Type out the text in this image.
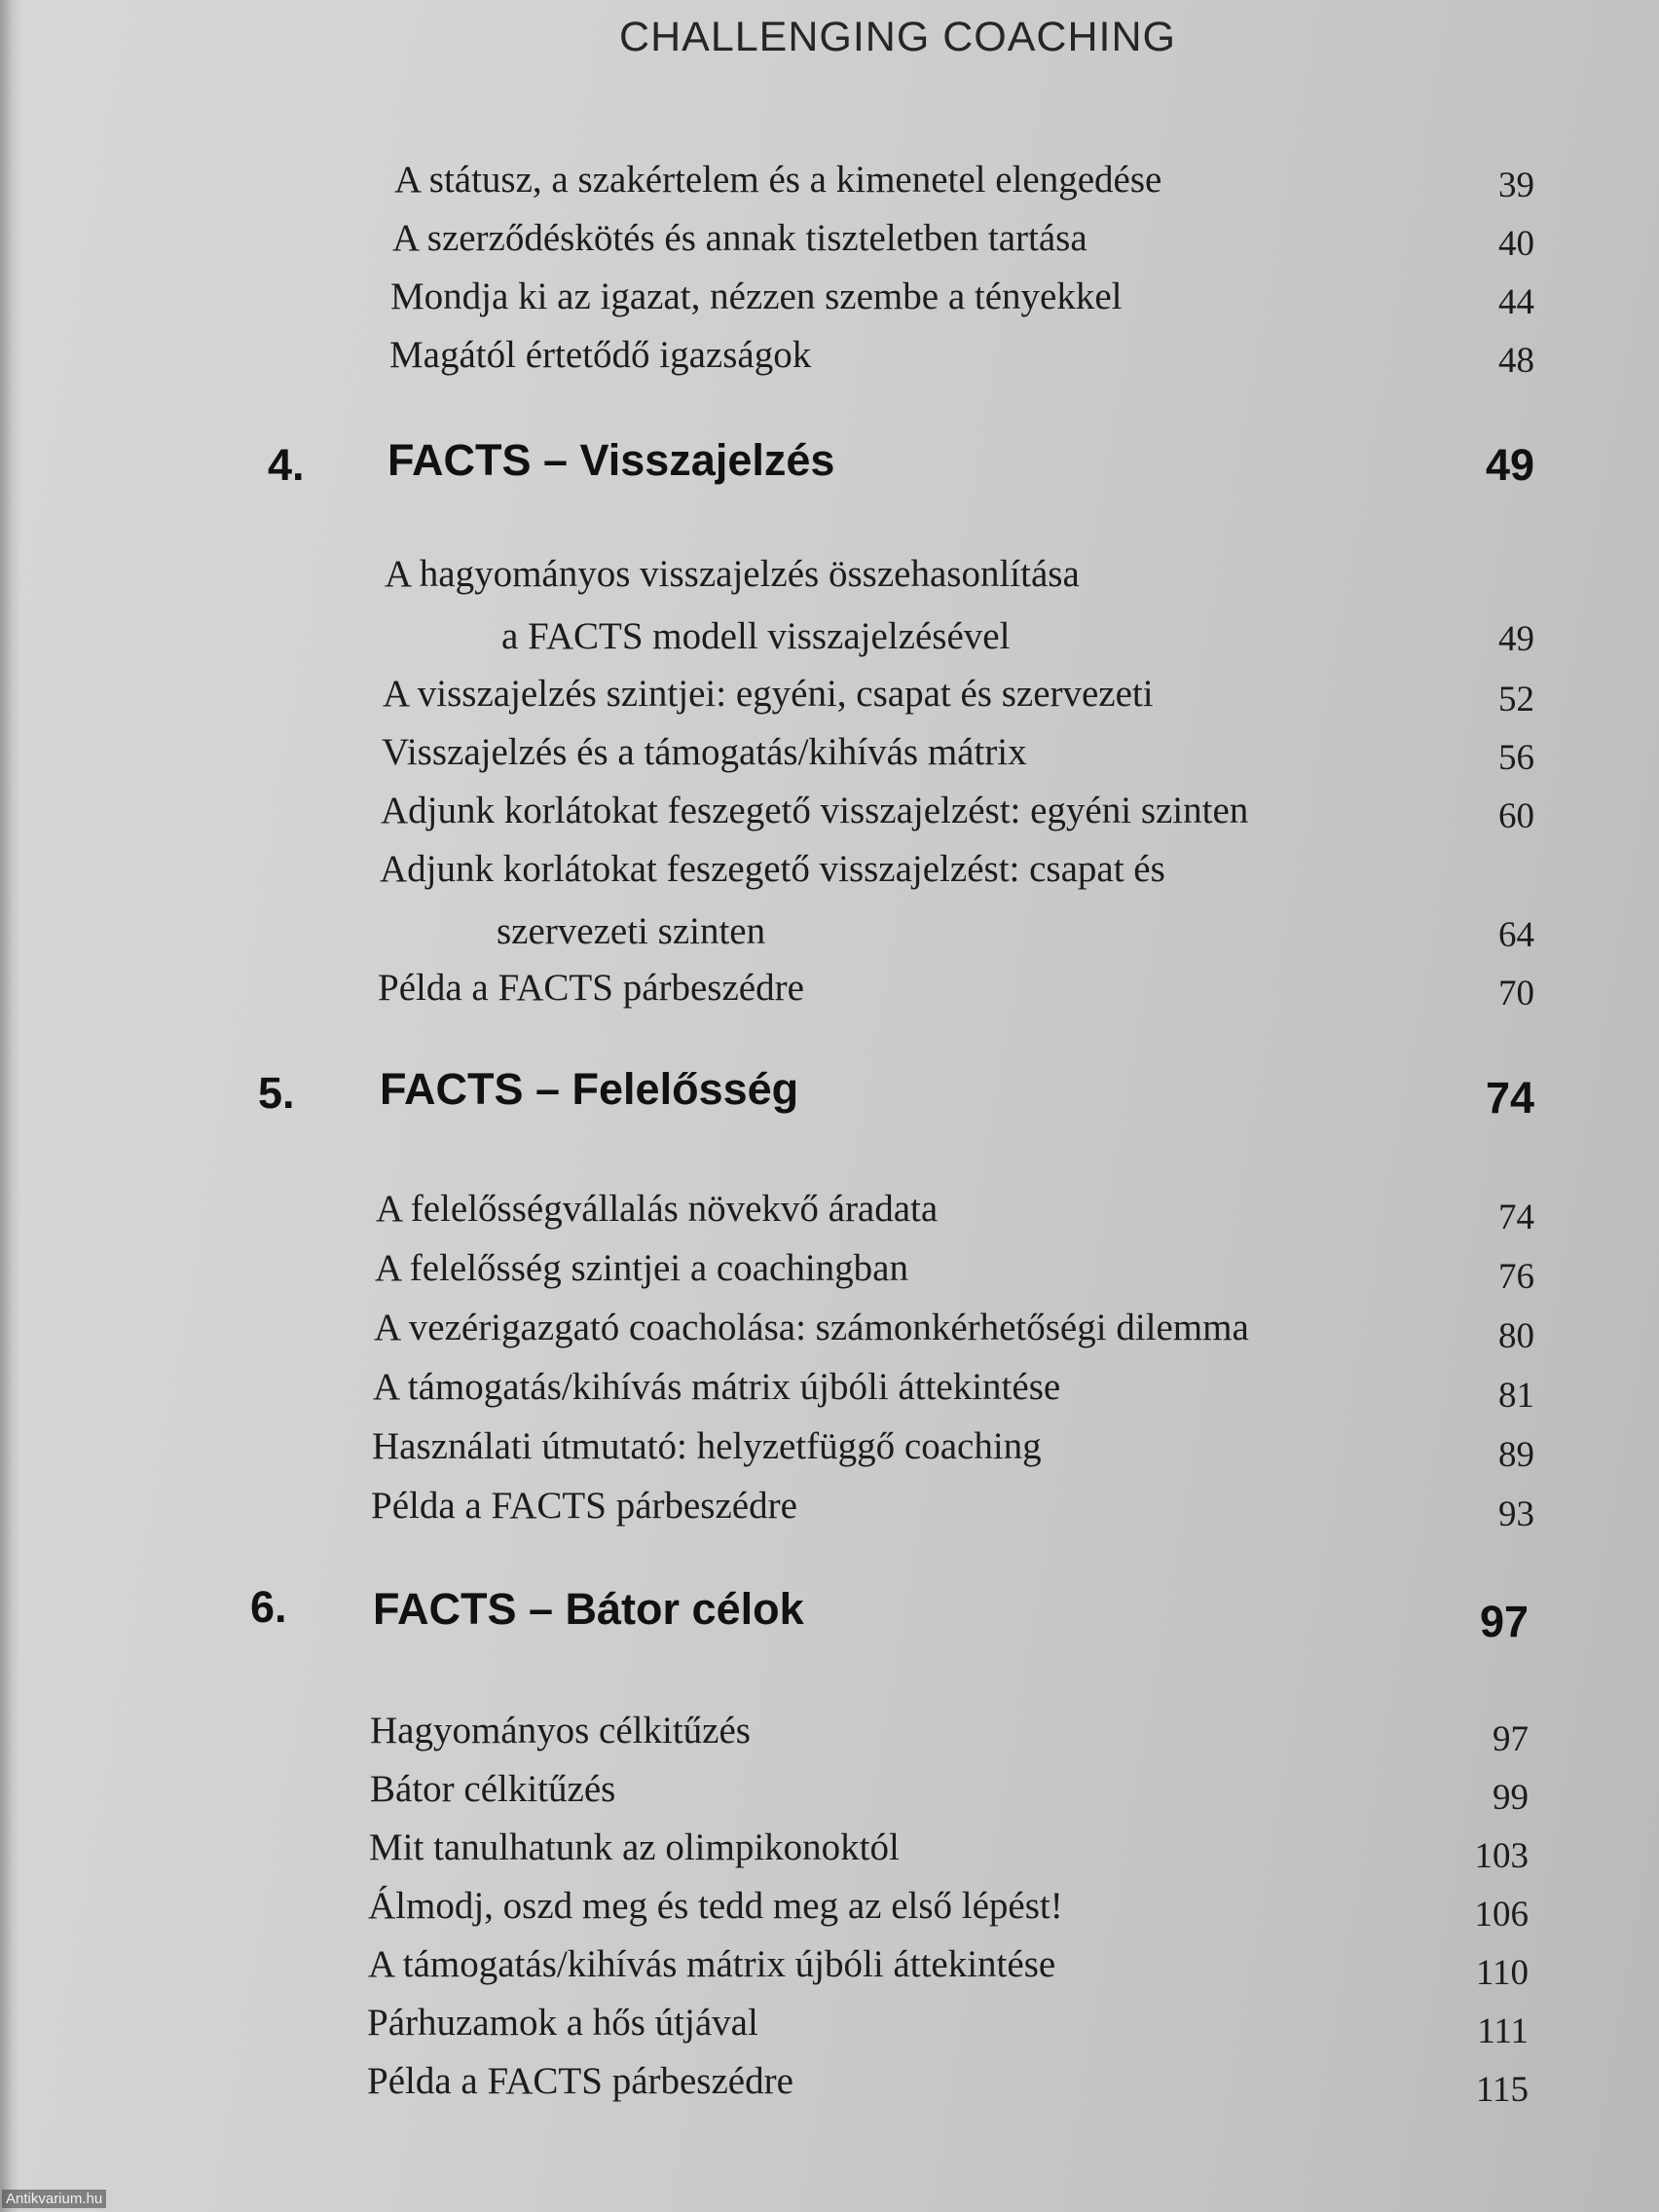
CHALLENGING COACHING
A státusz, a szakértelem és a kimenetel elengedése	39
A szerződéskötés és annak tiszteletben tartása	40
Mondja ki az igazat, nézzen szembe a tényekkel	44
Magától értetődő igazságok	48
4. FACTS – Visszajelzés	49
A hagyományos visszajelzés összehasonlítása
a FACTS modell visszajelzésével	49
A visszajelzés szintjei: egyéni, csapat és szervezeti	52
Visszajelzés és a támogatás/kihívás mátrix	56
Adjunk korlátokat feszegető visszajelzést: egyéni szinten	60
Adjunk korlátokat feszegető visszajelzést: csapat és
szervezeti szinten	64
Példa a FACTS párbeszédre	70
5. FACTS – Felelősség	74
A felelősségvállalás növekvő áradata	74
A felelősség szintjei a coachingban	76
A vezérigazgató coacholása: számonkérhetőségi dilemma	80
A támogatás/kihívás mátrix újbóli áttekintése	81
Használati útmutató: helyzetfüggő coaching	89
Példa a FACTS párbeszédre	93
6. FACTS – Bátor célok	97
Hagyományos célkitűzés	97
Bátor célkitűzés	99
Mit tanulhatunk az olimpikonoktól	103
Álmodj, oszd meg és tedd meg az első lépést!	106
A támogatás/kihívás mátrix újbóli áttekintése	110
Párhuzamok a hős útjával	111
Példa a FACTS párbeszédre	115
Antikvarium.hu
